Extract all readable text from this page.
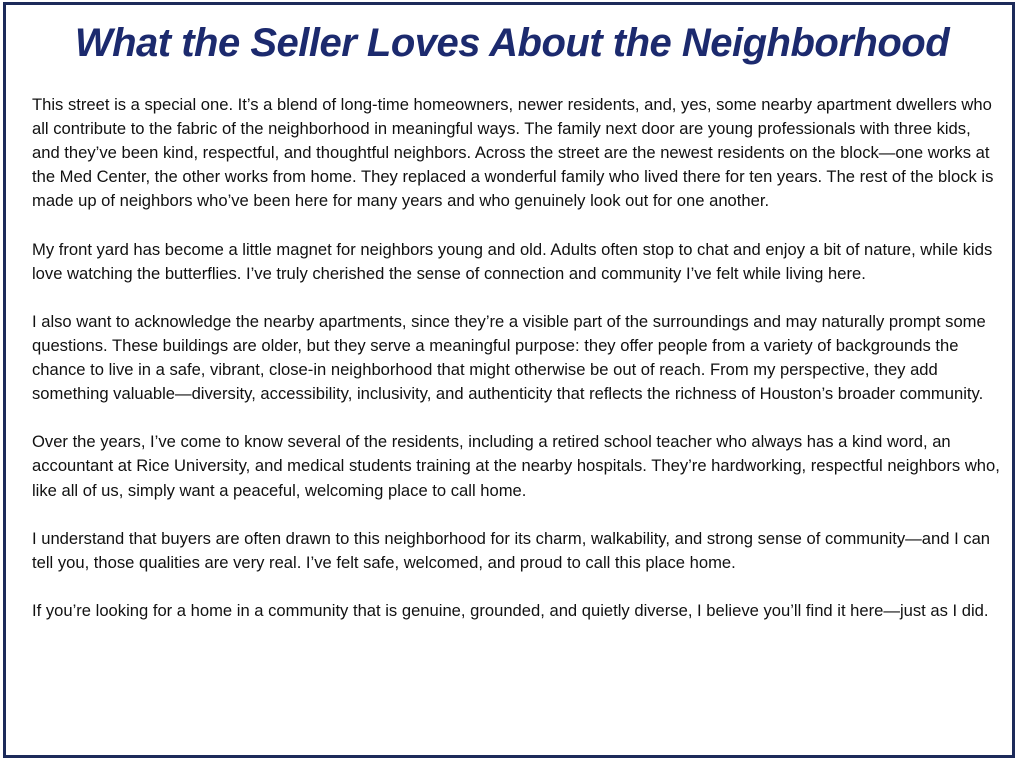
What the Seller Loves About the Neighborhood

This street is a special one. It’s a blend of long-time homeowners, newer residents, and, yes, some nearby apartment dwellers who all contribute to the fabric of the neighborhood in meaningful ways. The family next door are young professionals with three kids, and they’ve been kind, respectful, and thoughtful neighbors. Across the street are the newest residents on the block—one works at the Med Center, the other works from home. They replaced a wonderful family who lived there for ten years. The rest of the block is made up of neighbors who’ve been here for many years and who genuinely look out for one another.

My front yard has become a little magnet for neighbors young and old. Adults often stop to chat and enjoy a bit of nature, while kids love watching the butterflies. I’ve truly cherished the sense of connection and community I’ve felt while living here.

I also want to acknowledge the nearby apartments, since they’re a visible part of the surroundings and may naturally prompt some questions. These buildings are older, but they serve a meaningful purpose: they offer people from a variety of backgrounds the chance to live in a safe, vibrant, close-in neighborhood that might otherwise be out of reach. From my perspective, they add something valuable—diversity, accessibility, inclusivity, and authenticity that reflects the richness of Houston’s broader community.

Over the years, I’ve come to know several of the residents, including a retired school teacher who always has a kind word, an accountant at Rice University, and medical students training at the nearby hospitals. They’re hardworking, respectful neighbors who, like all of us, simply want a peaceful, welcoming place to call home.

I understand that buyers are often drawn to this neighborhood for its charm, walkability, and strong sense of community—and I can tell you, those qualities are very real. I’ve felt safe, welcomed, and proud to call this place home.

If you’re looking for a home in a community that is genuine, grounded, and quietly diverse, I believe you’ll find it here—just as I did.
